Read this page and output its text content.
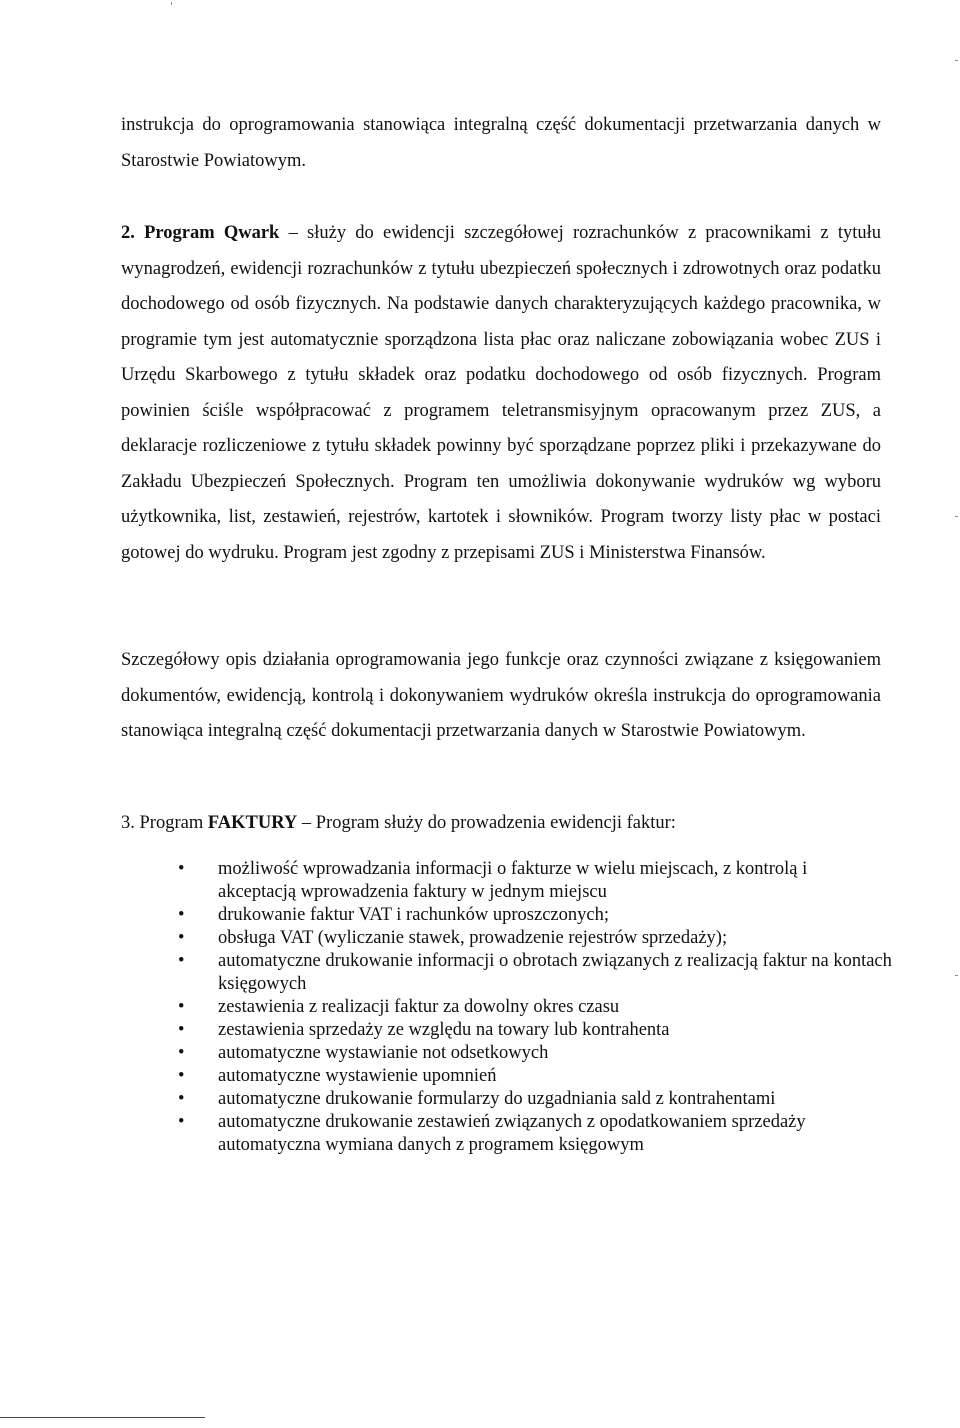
instrukcja do oprogramowania stanowiąca integralną część dokumentacji przetwarzania danych w Starostwie Powiatowym.

2. Program Qwark – służy do ewidencji szczegółowej rozrachunków z pracownikami z tytułu wynagrodzeń, ewidencji rozrachunków z tytułu ubezpieczeń społecznych i zdrowotnych oraz podatku dochodowego od osób fizycznych. Na podstawie danych charakteryzujących każdego pracownika, w programie tym jest automatycznie sporządzona lista płac oraz naliczane zobowiązania wobec ZUS i Urzędu Skarbowego z tytułu składek oraz podatku dochodowego od osób fizycznych. Program powinien ściśle współpracować z programem teletransmisyjnym opracowanym przez ZUS, a deklaracje rozliczeniowe z tytułu składek powinny być sporządzane poprzez pliki i przekazywane do Zakładu Ubezpieczeń Społecznych. Program ten umożliwia dokonywanie wydruków wg wyboru użytkownika, list, zestawień, rejestrów, kartotek i słowników. Program tworzy listy płac w postaci gotowej do wydruku. Program jest zgodny z przepisami ZUS i Ministerstwa Finansów.

Szczegółowy opis działania oprogramowania jego funkcje oraz czynności związane z księgowaniem dokumentów, ewidencją, kontrolą i dokonywaniem wydruków określa instrukcja do oprogramowania stanowiąca integralną część dokumentacji przetwarzania danych w Starostwie Powiatowym.

3. Program FAKTURY – Program służy do prowadzenia ewidencji faktur:

• możliwość wprowadzania informacji o fakturze w wielu miejscach, z kontrolą i akceptacją wprowadzenia faktury w jednym miejscu
• drukowanie faktur VAT i rachunków uproszczonych;
• obsługa VAT (wyliczanie stawek, prowadzenie rejestrów sprzedaży);
• automatyczne drukowanie informacji o obrotach związanych z realizacją faktur na kontach księgowych
• zestawienia z realizacji faktur za dowolny okres czasu
• zestawienia sprzedaży ze względu na towary lub kontrahenta
• automatyczne wystawianie not odsetkowych
• automatyczne wystawienie upomnień
• automatyczne drukowanie formularzy do uzgadniania sald z kontrahentami
• automatyczne drukowanie zestawień związanych z opodatkowaniem sprzedaży
automatyczna wymiana danych z programem księgowym
